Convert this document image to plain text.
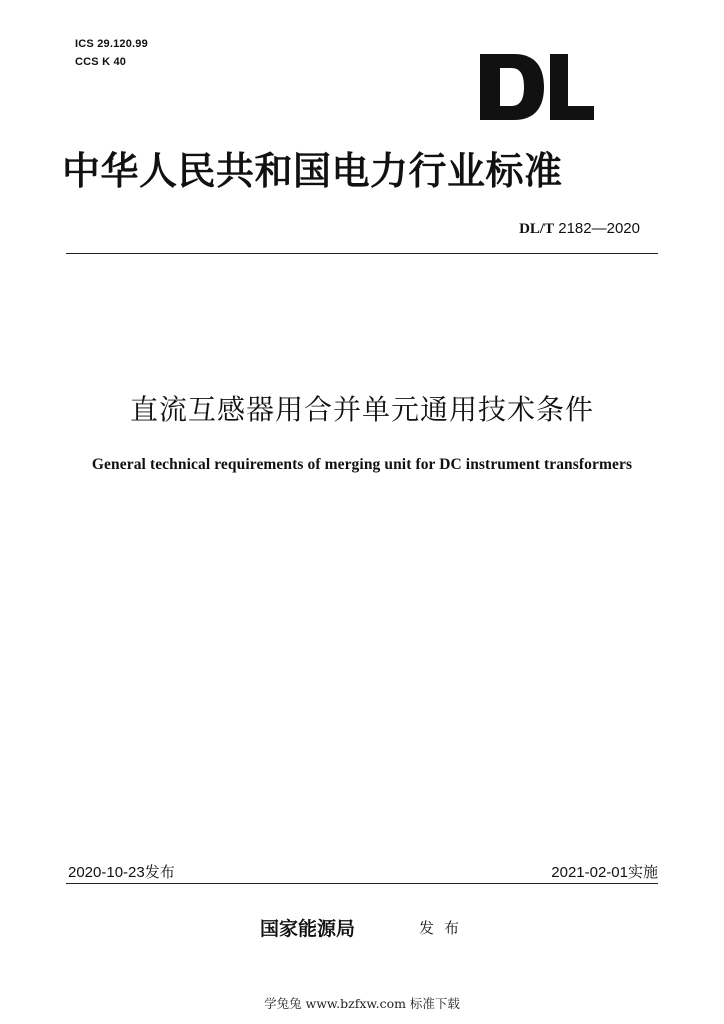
ICS 29.120.99
CCS K 40
中华人民共和国电力行业标准
DL/T 2182—2020
直流互感器用合并单元通用技术条件
General technical requirements of merging unit for DC instrument transformers
2020-10-23发布	2021-02-01实施
国家能源局	发布
学兔兔 www.bzfxw.com 标准下载
